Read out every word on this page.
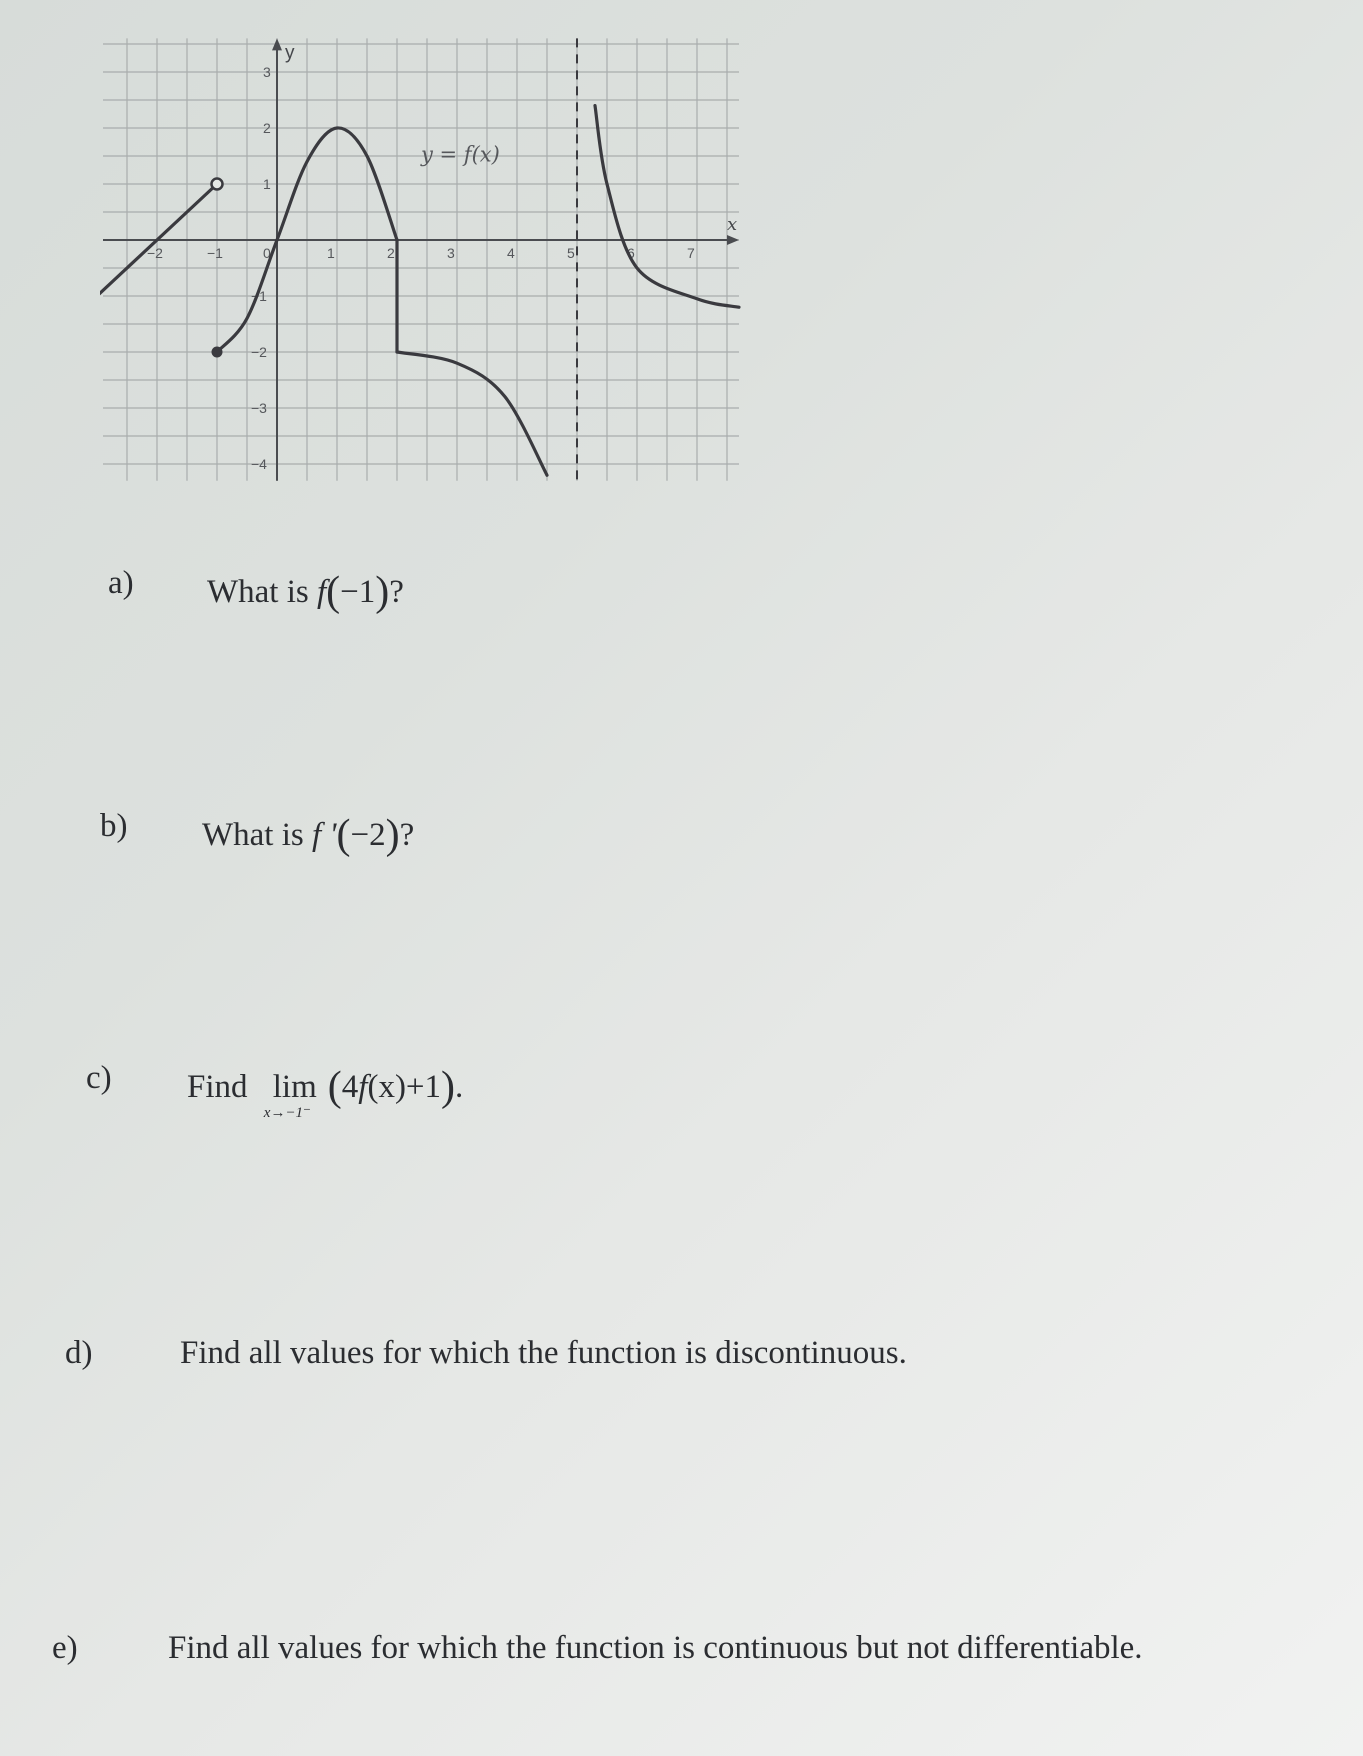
−2	−1	0	1	2	3	4	5	6	7
3
2
1
−1
−2
−3
−4
y = f(x)
y
x
a) What is f(−1)?
b) What is f '(−2)?
c) Find lim
x→−1⁻
(4f(x)+1).
d)	Find all values for which the function is discontinuous.
e)	Find all values for which the function is continuous but not differentiable.
